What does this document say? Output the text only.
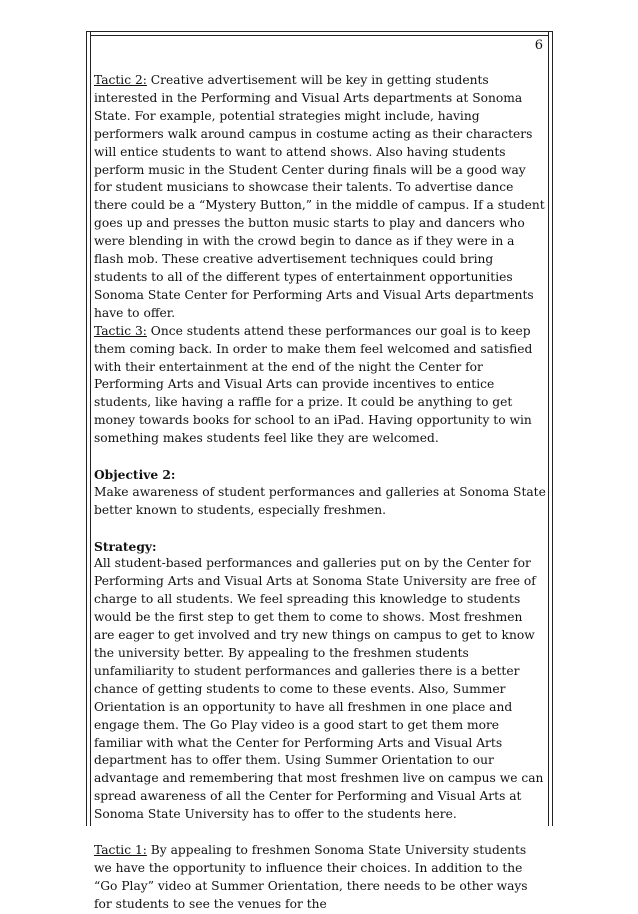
6

Tactic 2: Creative advertisement will be key in getting students interested in the Performing and Visual Arts departments at Sonoma State. For example, potential strategies might include, having performers walk around campus in costume acting as their characters will entice students to want to attend shows. Also having students perform music in the Student Center during finals will be a good way for student musicians to showcase their talents. To advertise dance there could be a “Mystery Button,” in the middle of campus. If a student goes up and presses the button music starts to play and dancers who were blending in with the crowd begin to dance as if they were in a flash mob. These creative advertisement techniques could bring students to all of the different types of entertainment opportunities Sonoma State Center for Performing Arts and Visual Arts departments have to offer.

Tactic 3: Once students attend these performances our goal is to keep them coming back. In order to make them feel welcomed and satisfied with their entertainment at the end of the night the Center for Performing Arts and Visual Arts can provide incentives to entice students, like having a raffle for a prize. It could be anything to get money towards books for school to an iPad. Having opportunity to win something makes students feel like they are welcomed.

Objective 2:

Make awareness of student performances and galleries at Sonoma State better known to students, especially freshmen.

Strategy:

All student-based performances and galleries put on by the Center for Performing Arts and Visual Arts at Sonoma State University are free of charge to all students. We feel spreading this knowledge to students would be the first step to get them to come to shows. Most freshmen are eager to get involved and try new things on campus to get to know the university better. By appealing to the freshmen students unfamiliarity to student performances and galleries there is a better chance of getting students to come to these events. Also, Summer Orientation is an opportunity to have all freshmen in one place and engage them. The Go Play video is a good start to get them more familiar with what the Center for Performing Arts and Visual Arts department has to offer them. Using Summer Orientation to our advantage and remembering that most freshmen live on campus we can spread awareness of all the Center for Performing and Visual Arts at Sonoma State University has to offer to the students here.

Tactic 1: By appealing to freshmen Sonoma State University students we have the opportunity to influence their choices. In addition to the “Go Play” video at Summer Orientation, there needs to be other ways for students to see the venues for the
